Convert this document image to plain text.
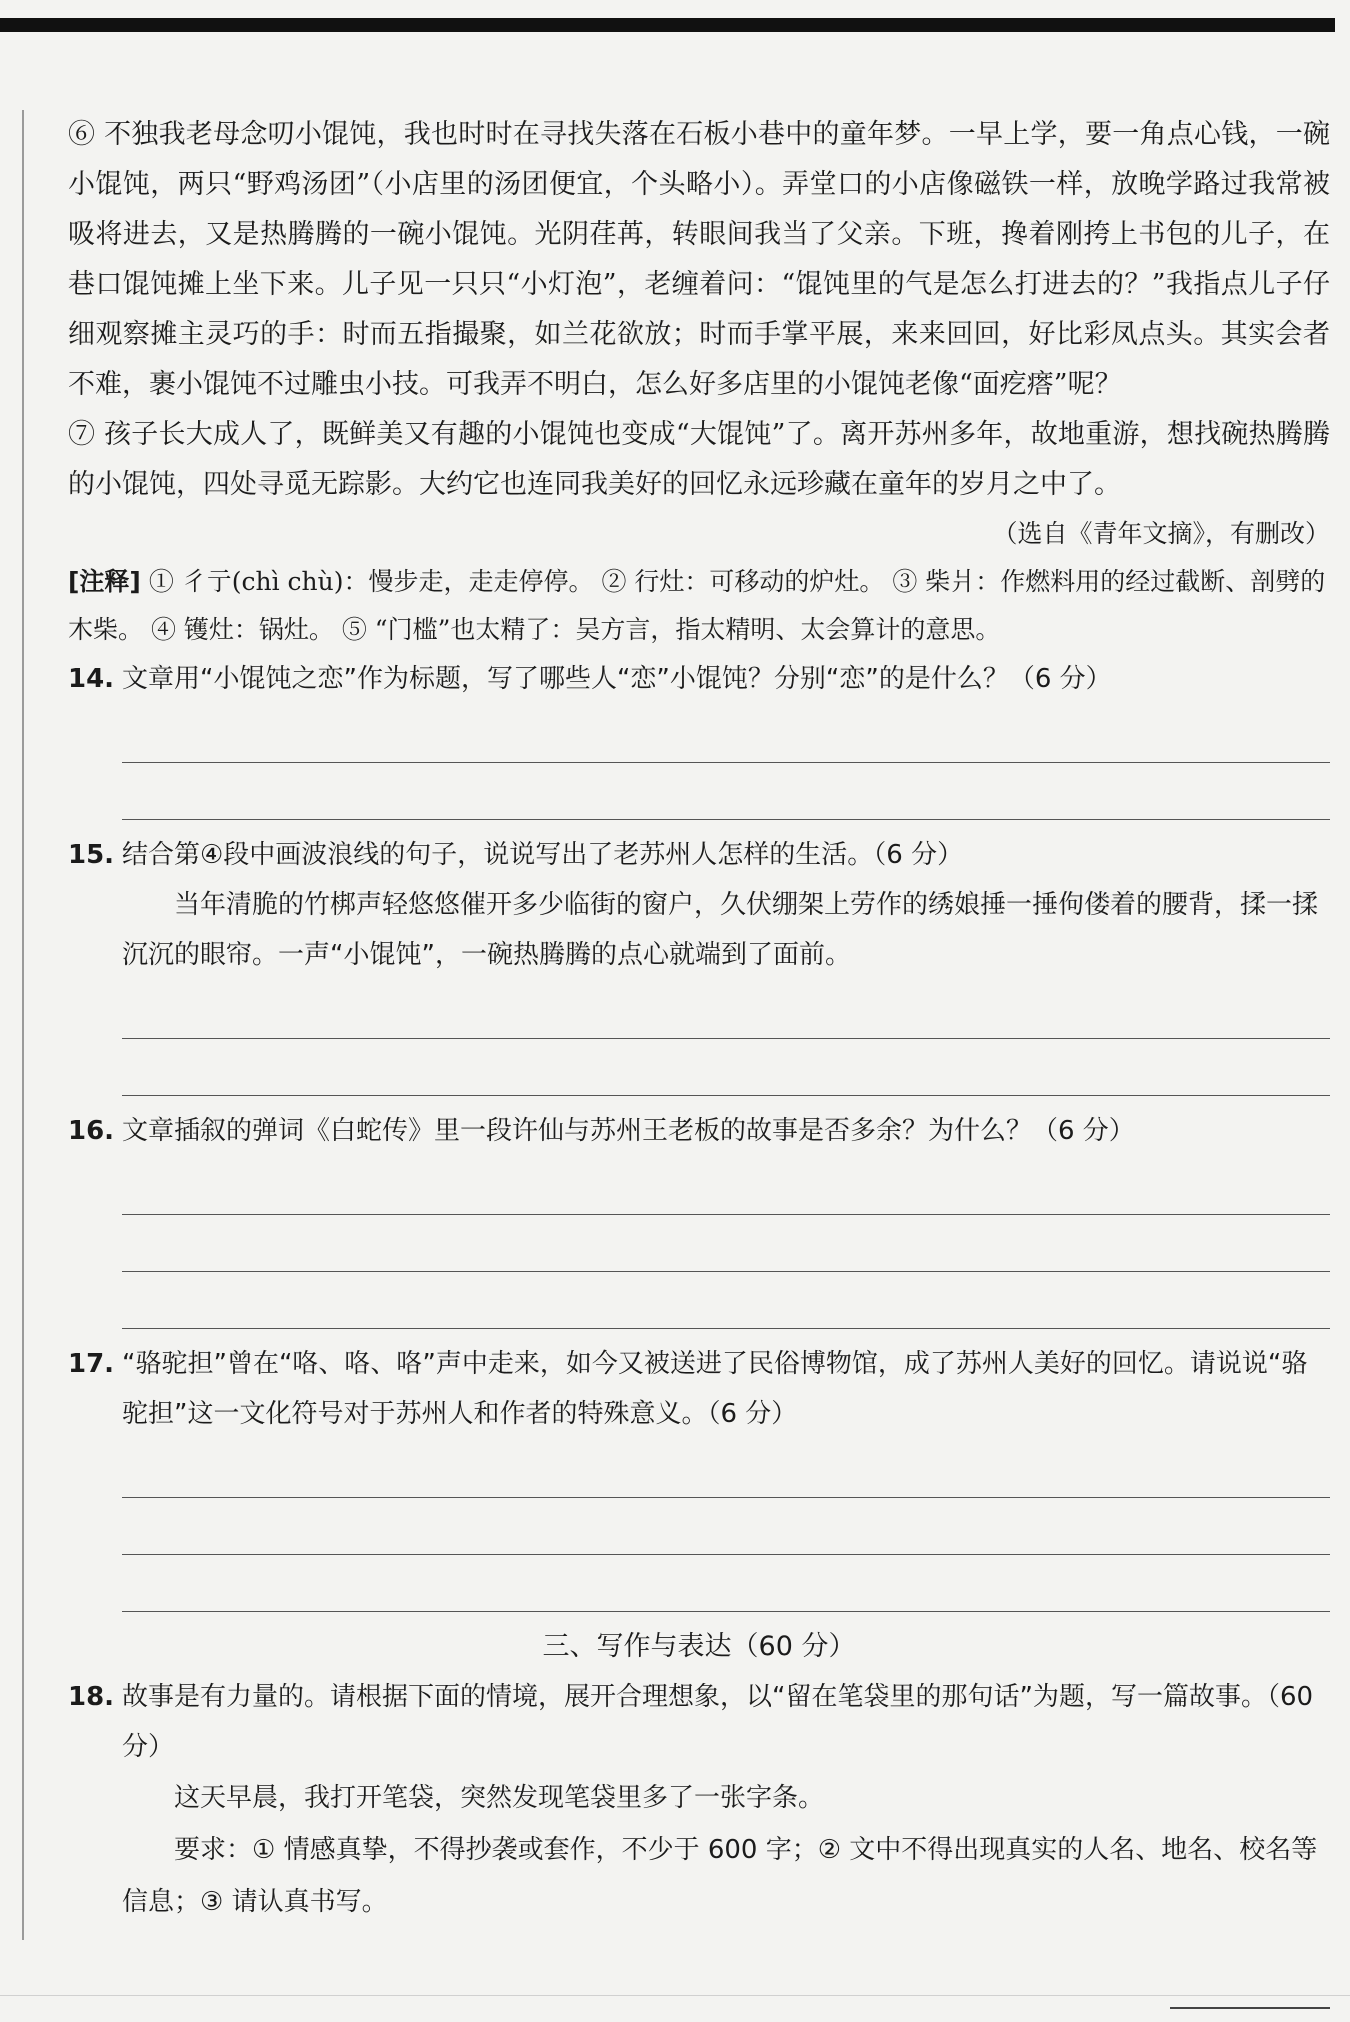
⑥ 不独我老母念叨小馄饨，我也时时在寻找失落在石板小巷中的童年梦。一早上学，要一角点心钱，一碗小馄饨，两只“野鸡汤团”（小店里的汤团便宜，个头略小）。弄堂口的小店像磁铁一样，放晚学路过我常被吸将进去，又是热腾腾的一碗小馄饨。光阴荏苒，转眼间我当了父亲。下班，搀着刚挎上书包的儿子，在巷口馄饨摊上坐下来。儿子见一只只“小灯泡”，老缠着问：“馄饨里的气是怎么打进去的？”我指点儿子仔细观察摊主灵巧的手：时而五指撮聚，如兰花欲放；时而手掌平展，来来回回，好比彩凤点头。其实会者不难，裹小馄饨不过雕虫小技。可我弄不明白，怎么好多店里的小馄饨老像“面疙瘩”呢？

⑦ 孩子长大成人了，既鲜美又有趣的小馄饨也变成“大馄饨”了。离开苏州多年，故地重游，想找碗热腾腾的小馄饨，四处寻觅无踪影。大约它也连同我美好的回忆永远珍藏在童年的岁月之中了。

（选自《青年文摘》，有删改）

[注释] ① 彳亍(chì chù)：慢步走，走走停停。 ② 行灶：可移动的炉灶。 ③ 柴爿：作燃料用的经过截断、剖劈的木柴。 ④ 镬灶：锅灶。 ⑤ “门槛”也太精了：吴方言，指太精明、太会算计的意思。

14. 文章用“小馄饨之恋”作为标题，写了哪些人“恋”小馄饨？分别“恋”的是什么？（6 分）

15. 结合第④段中画波浪线的句子，说说写出了老苏州人怎样的生活。（6 分）

当年清脆的竹梆声轻悠悠催开多少临街的窗户，久伏绷架上劳作的绣娘捶一捶佝偻着的腰背，揉一揉沉沉的眼帘。一声“小馄饨”，一碗热腾腾的点心就端到了面前。

16. 文章插叙的弹词《白蛇传》里一段许仙与苏州王老板的故事是否多余？为什么？（6 分）

17. “骆驼担”曾在“咯、咯、咯”声中走来，如今又被送进了民俗博物馆，成了苏州人美好的回忆。请说说“骆驼担”这一文化符号对于苏州人和作者的特殊意义。（6 分）

三、写作与表达（60 分）

18. 故事是有力量的。请根据下面的情境，展开合理想象，以“留在笔袋里的那句话”为题，写一篇故事。（60 分）

这天早晨，我打开笔袋，突然发现笔袋里多了一张字条。

要求：① 情感真挚，不得抄袭或套作，不少于 600 字；② 文中不得出现真实的人名、地名、校名等信息；③ 请认真书写。
